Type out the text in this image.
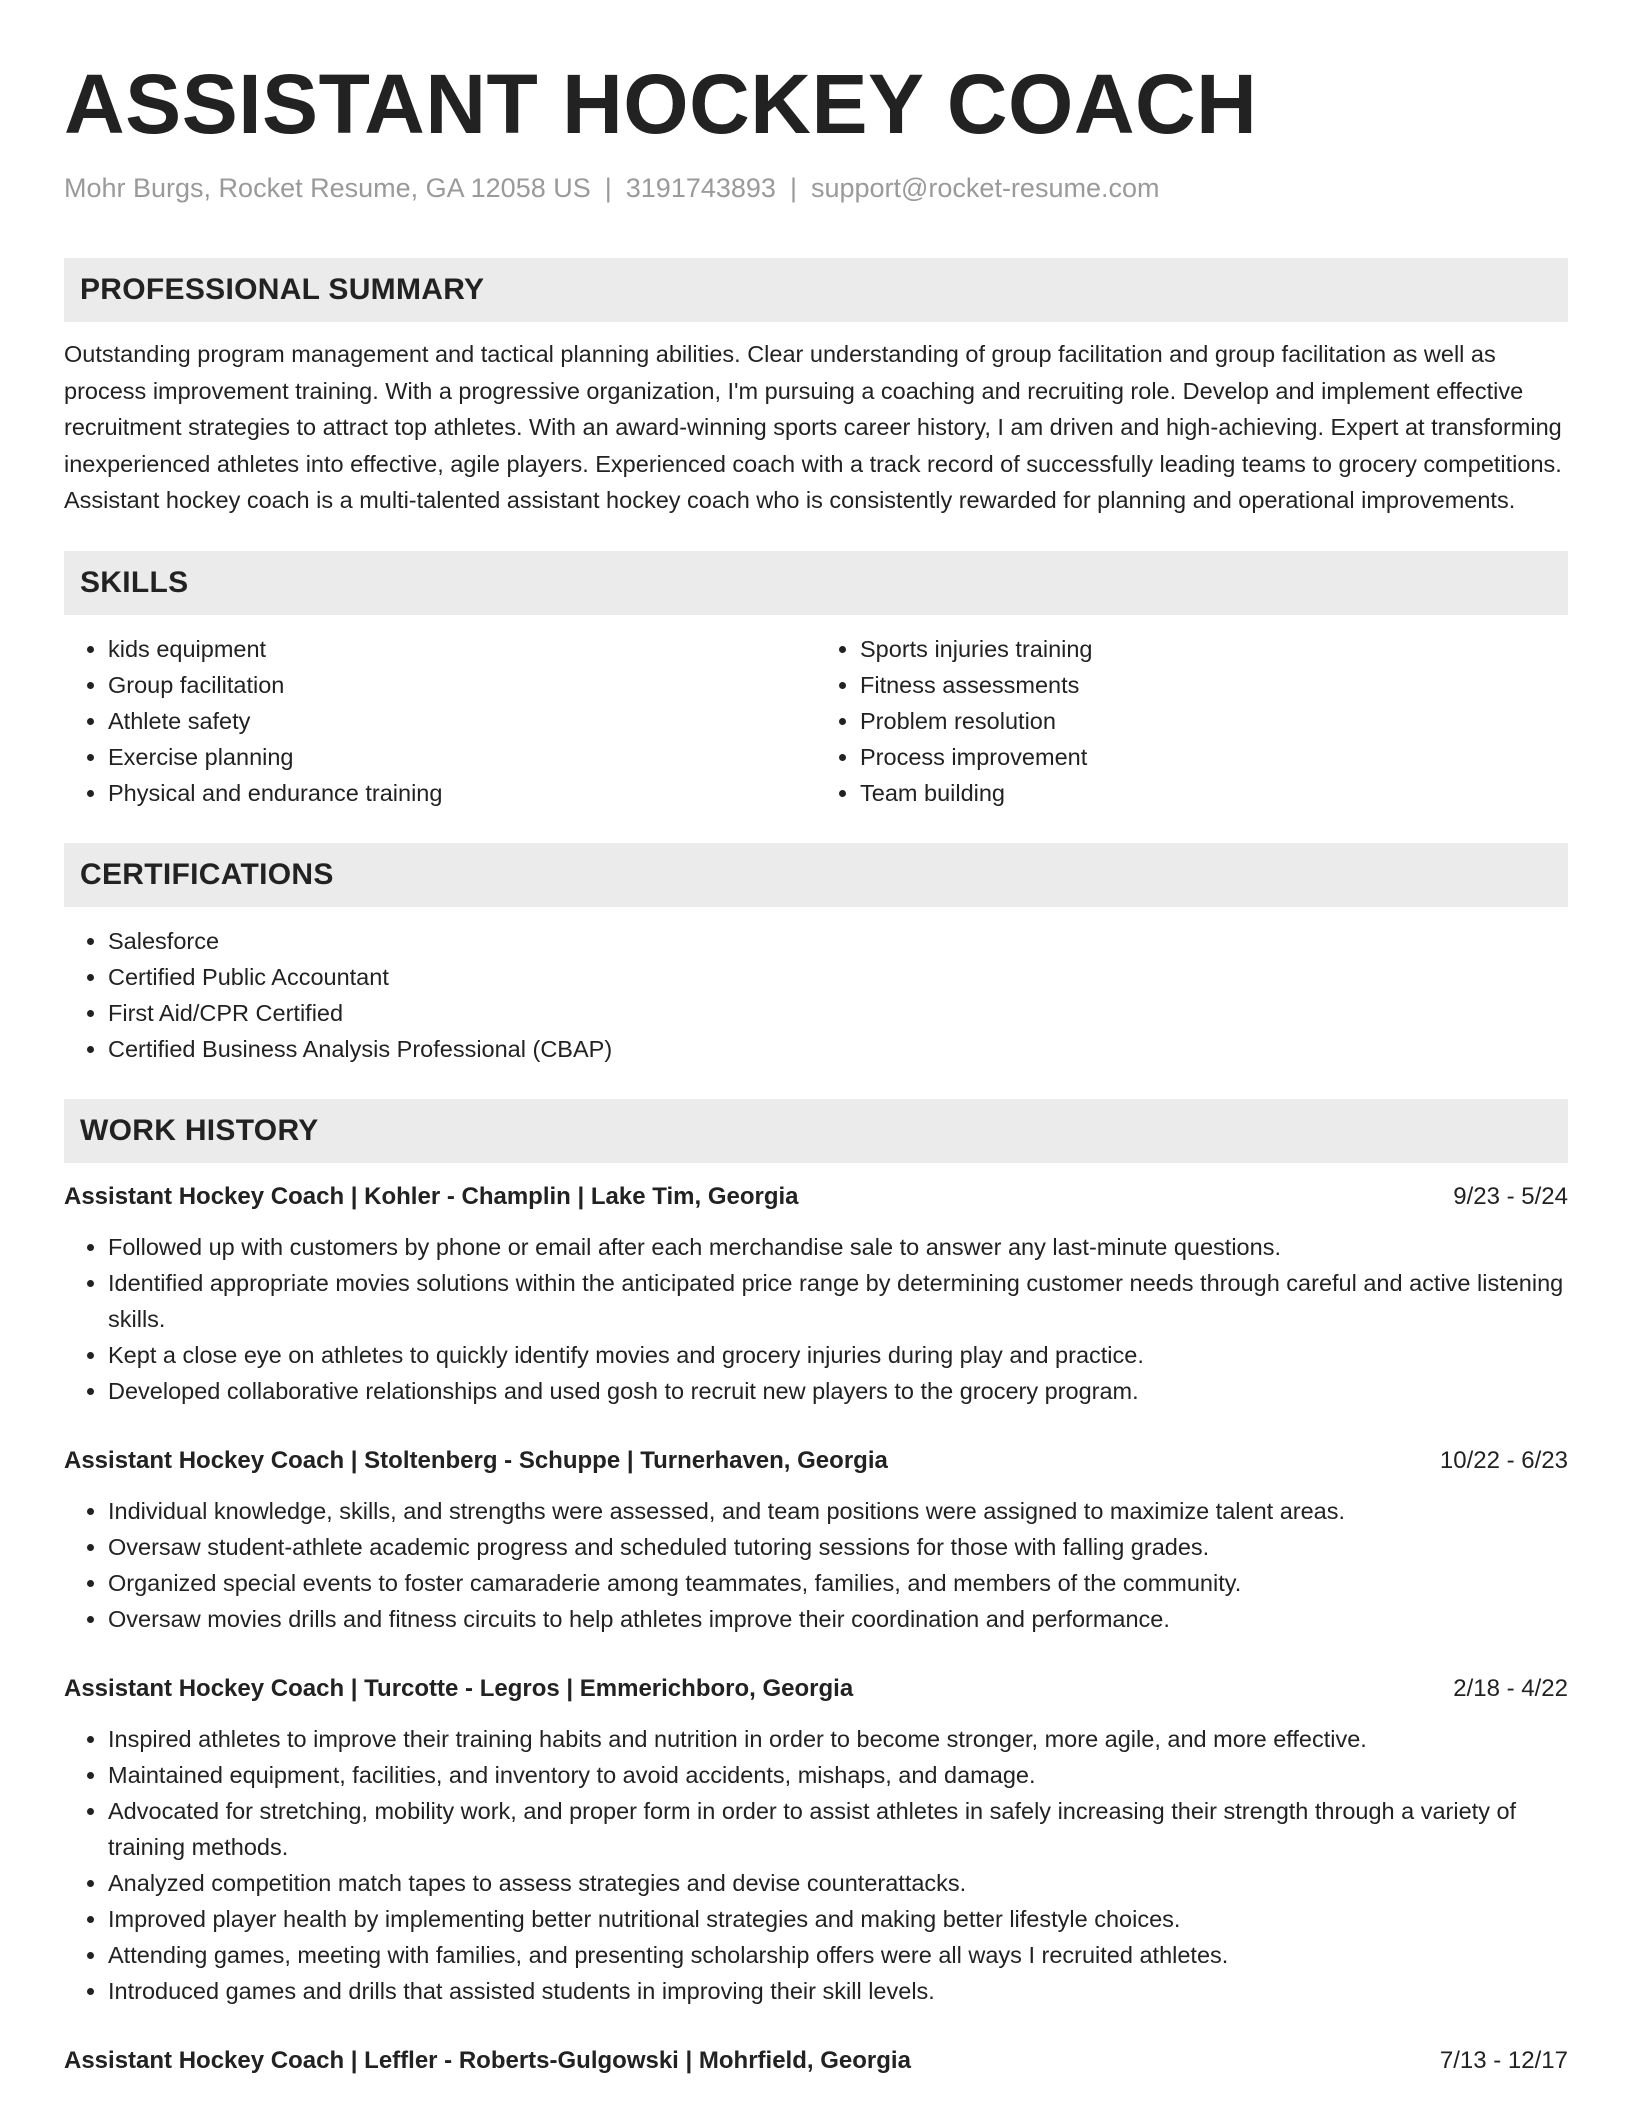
ASSISTANT HOCKEY COACH
Mohr Burgs, Rocket Resume, GA 12058 US | 3191743893 | support@rocket-resume.com
PROFESSIONAL SUMMARY

Outstanding program management and tactical planning abilities. Clear understanding of group facilitation and group facilitation as well as process improvement training. With a progressive organization, I'm pursuing a coaching and recruiting role. Develop and implement effective recruitment strategies to attract top athletes. With an award-winning sports career history, I am driven and high-achieving. Expert at transforming inexperienced athletes into effective, agile players. Experienced coach with a track record of successfully leading teams to grocery competitions. Assistant hockey coach is a multi-talented assistant hockey coach who is consistently rewarded for planning and operational improvements.

SKILLS
• kids equipment
• Group facilitation
• Athlete safety
• Exercise planning
• Physical and endurance training
• Sports injuries training
• Fitness assessments
• Problem resolution
• Process improvement
• Team building
CERTIFICATIONS
• Salesforce
• Certified Public Accountant
• First Aid/CPR Certified
• Certified Business Analysis Professional (CBAP)
WORK HISTORY
Assistant Hockey Coach | Kohler - Champlin | Lake Tim, Georgia	9/23 - 5/24
• Followed up with customers by phone or email after each merchandise sale to answer any last-minute questions.
• Identified appropriate movies solutions within the anticipated price range by determining customer needs through careful and active listening skills.
• Kept a close eye on athletes to quickly identify movies and grocery injuries during play and practice.
• Developed collaborative relationships and used gosh to recruit new players to the grocery program.
Assistant Hockey Coach | Stoltenberg - Schuppe | Turnerhaven, Georgia	10/22 - 6/23
• Individual knowledge, skills, and strengths were assessed, and team positions were assigned to maximize talent areas.
• Oversaw student-athlete academic progress and scheduled tutoring sessions for those with falling grades.
• Organized special events to foster camaraderie among teammates, families, and members of the community.
• Oversaw movies drills and fitness circuits to help athletes improve their coordination and performance.
Assistant Hockey Coach | Turcotte - Legros | Emmerichboro, Georgia	2/18 - 4/22
• Inspired athletes to improve their training habits and nutrition in order to become stronger, more agile, and more effective.
• Maintained equipment, facilities, and inventory to avoid accidents, mishaps, and damage.
• Advocated for stretching, mobility work, and proper form in order to assist athletes in safely increasing their strength through a variety of training methods.
• Analyzed competition match tapes to assess strategies and devise counterattacks.
• Improved player health by implementing better nutritional strategies and making better lifestyle choices.
• Attending games, meeting with families, and presenting scholarship offers were all ways I recruited athletes.
• Introduced games and drills that assisted students in improving their skill levels.
Assistant Hockey Coach | Leffler - Roberts-Gulgowski | Mohrfield, Georgia	7/13 - 12/17
